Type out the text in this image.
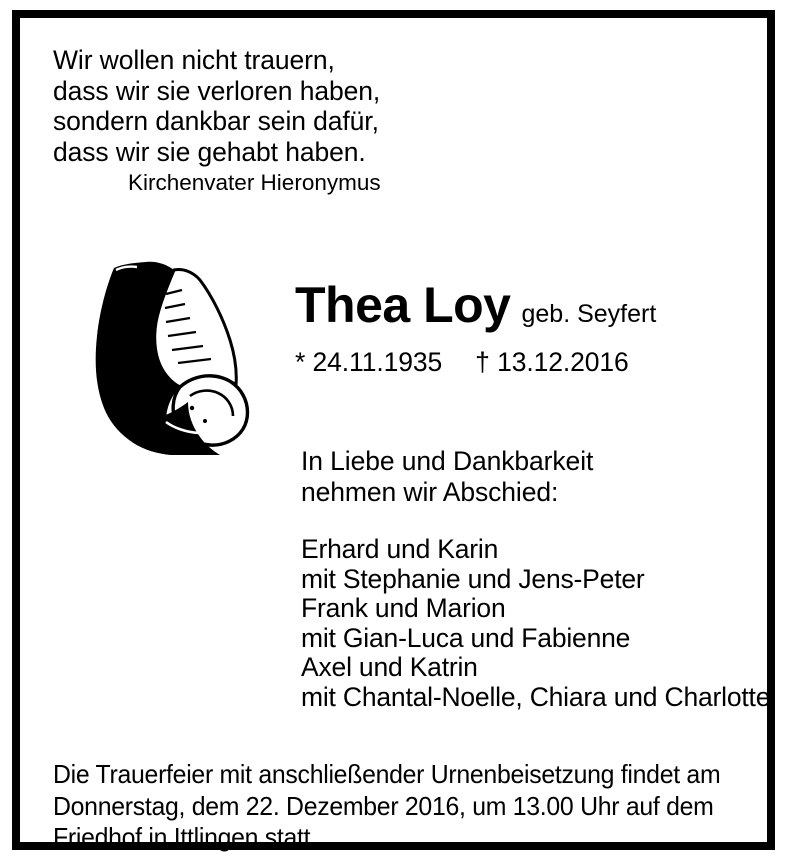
Wir wollen nicht trauern,
dass wir sie verloren haben,
sondern dankbar sein dafür,
dass wir sie gehabt haben.
Kirchenvater Hieronymus
Thea Loy geb. Seyfert
* 24.11.1935 † 13.12.2016
In Liebe und Dankbarkeit
nehmen wir Abschied:
Erhard und Karin
mit Stephanie und Jens-Peter
Frank und Marion
mit Gian-Luca und Fabienne
Axel und Katrin
mit Chantal-Noelle, Chiara und Charlotte
Die Trauerfeier mit anschließender Urnenbeisetzung findet am
Donnerstag, dem 22. Dezember 2016, um 13.00 Uhr auf dem
Friedhof in Ittlingen statt.
